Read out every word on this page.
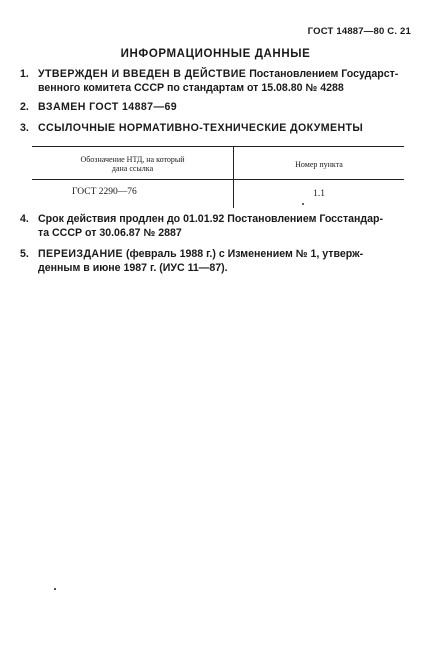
ГОСТ 14887—80 С. 21
ИНФОРМАЦИОННЫЕ ДАННЫЕ
1. УТВЕРЖДЕН И ВВЕДЕН В ДЕЙСТВИЕ Постановлением Государст-
венного комитета СССР по стандартам от 15.08.80 № 4288
2. ВЗАМЕН ГОСТ 14887—69
3. ССЫЛОЧНЫЕ НОРМАТИВНО-ТЕХНИЧЕСКИЕ ДОКУМЕНТЫ
Обозначение НТД, на который
дана ссылка	Номер пункта
ГОСТ 2290—76	1.1
4. Срок действия продлен до 01.01.92 Постановлением Госстандар-
та СССР от 30.06.87 № 2887
5. ПЕРЕИЗДАНИЕ (февраль 1988 г.) с Изменением № 1, утверж-
денным в июне 1987 г. (ИУС 11—87).
